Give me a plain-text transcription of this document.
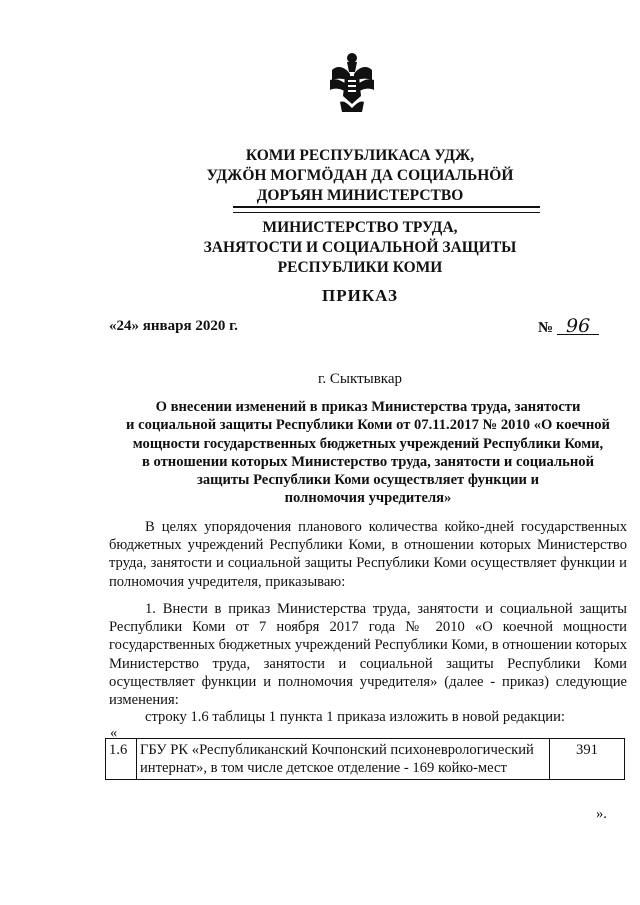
КОМИ РЕСПУБЛИКАСА УДЖ,
УДЖÖН МОГМÖДАН ДА СОЦИАЛЬНÖЙ
ДОРЪЯН МИНИСТЕРСТВО
МИНИСТЕРСТВО ТРУДА,
ЗАНЯТОСТИ И СОЦИАЛЬНОЙ ЗАЩИТЫ
РЕСПУБЛИКИ КОМИ
ПРИКАЗ
«24» января 2020 г.	№ 96
г. Сыктывкар
О внесении изменений в приказ Министерства труда, занятости
и социальной защиты Республики Коми от 07.11.2017 № 2010 «О коечной
мощности государственных бюджетных учреждений Республики Коми,
в отношении которых Министерство труда, занятости и социальной
защиты Республики Коми осуществляет функции и
полномочия учредителя»
В целях упорядочения планового количества койко-дней государственных бюджетных учреждений Республики Коми, в отношении которых Министерство труда, занятости и социальной защиты Республики Коми осуществляет функции и полномочия учредителя, приказываю:
1. Внести в приказ Министерства труда, занятости и социальной защиты Республики Коми от 7 ноября 2017 года № 2010 «О коечной мощности государственных бюджетных учреждений Республики Коми, в отношении которых Министерство труда, занятости и социальной защиты Республики Коми осуществляет функции и полномочия учредителя» (далее - приказ) следующие изменения:
строку 1.6 таблицы 1 пункта 1 приказа изложить в новой редакции:
«
1.6	ГБУ РК «Республиканский Кочпонский психоневрологический интернат», в том числе детское отделение - 169 койко-мест	391
».
